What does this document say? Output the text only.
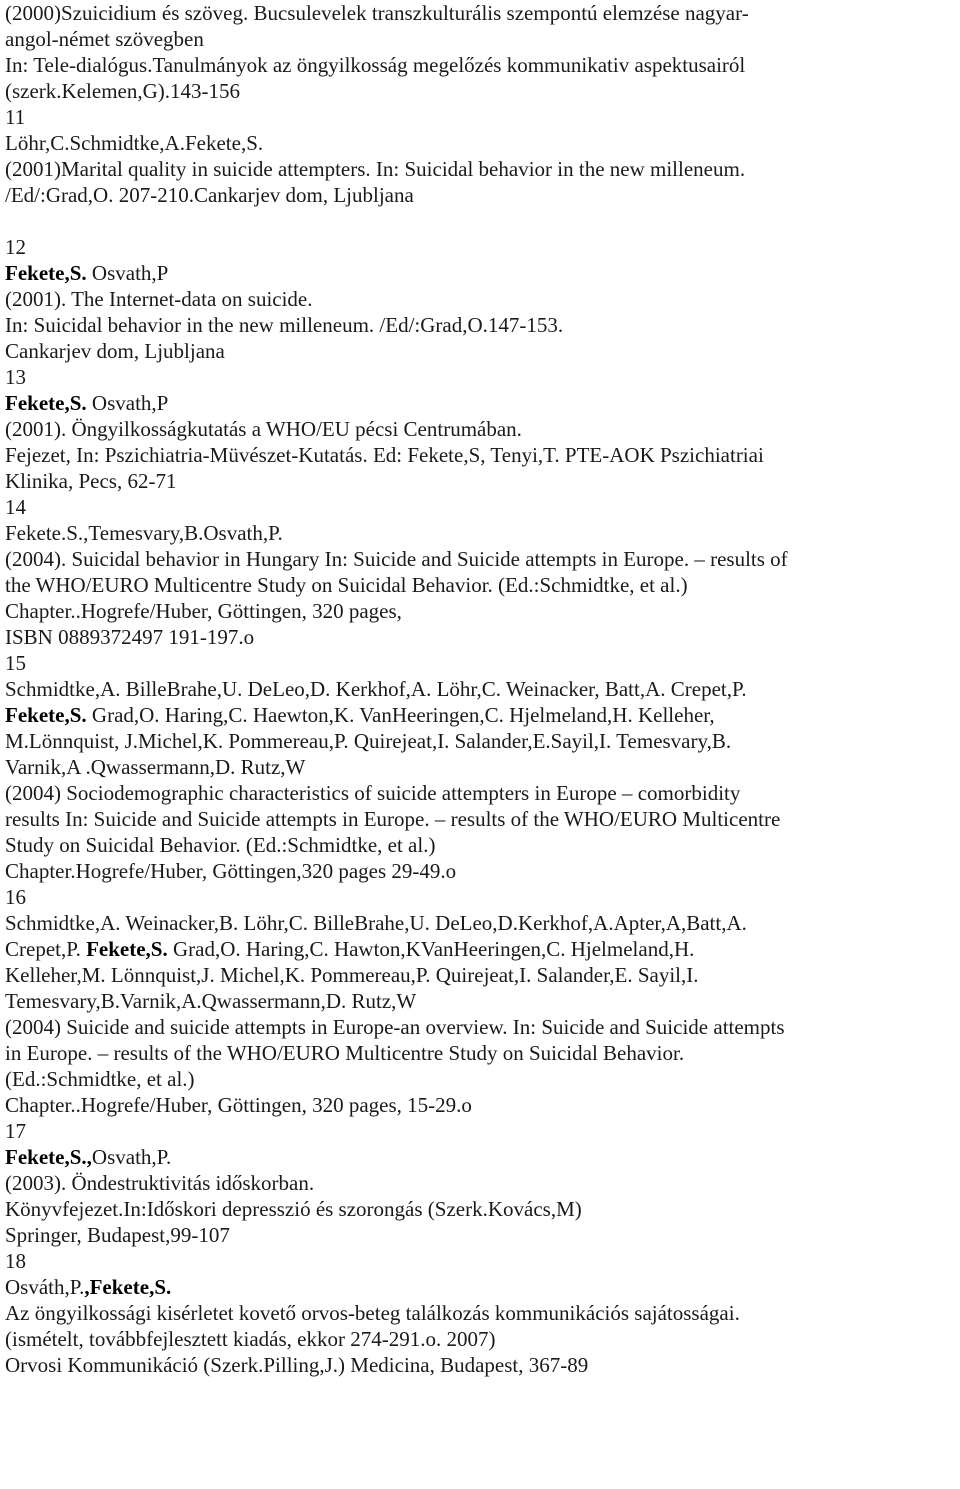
(2000)Szuicidium és szöveg. Bucsulevelek transzkulturális szempontú elemzése nagyar-
angol-német szövegben
In: Tele-dialógus.Tanulmányok az öngyilkosság megelőzés kommunikativ aspektusairól
(szerk.Kelemen,G).143-156
11
Löhr,C.Schmidtke,A.Fekete,S.
(2001)Marital quality in suicide attempters. In: Suicidal behavior in the new milleneum.
/Ed/:Grad,O. 207-210.Cankarjev dom, Ljubljana
12
Fekete,S. Osvath,P
(2001). The Internet-data on suicide.
In: Suicidal behavior in the new milleneum. /Ed/:Grad,O.147-153.
Cankarjev dom, Ljubljana
13
Fekete,S. Osvath,P
(2001). Öngyilkosságkutatás a WHO/EU pécsi Centrumában.
Fejezet, In: Pszichiatria-Müvészet-Kutatás. Ed: Fekete,S, Tenyi,T. PTE-AOK Pszichiatriai
Klinika, Pecs, 62-71
14
Fekete.S.,Temesvary,B.Osvath,P.
(2004). Suicidal behavior in Hungary In: Suicide and Suicide attempts in Europe. – results of
the WHO/EURO Multicentre Study on Suicidal Behavior. (Ed.:Schmidtke, et al.)
Chapter..Hogrefe/Huber, Göttingen, 320 pages,
ISBN 0889372497 191-197.o
15
Schmidtke,A. BilleBrahe,U. DeLeo,D. Kerkhof,A. Löhr,C. Weinacker, Batt,A. Crepet,P.
Fekete,S. Grad,O. Haring,C. Haewton,K. VanHeeringen,C. Hjelmeland,H. Kelleher,
M.Lönnquist, J.Michel,K. Pommereau,P. Quirejeat,I. Salander,E.Sayil,I. Temesvary,B.
Varnik,A .Qwassermann,D. Rutz,W
(2004) Sociodemographic characteristics of suicide attempters in Europe – comorbidity
results In: Suicide and Suicide attempts in Europe. – results of the WHO/EURO Multicentre
Study on Suicidal Behavior. (Ed.:Schmidtke, et al.)
Chapter.Hogrefe/Huber, Göttingen,320 pages 29-49.o
16
Schmidtke,A. Weinacker,B. Löhr,C. BilleBrahe,U. DeLeo,D.Kerkhof,A.Apter,A,Batt,A.
Crepet,P. Fekete,S. Grad,O. Haring,C. Hawton,KVanHeeringen,C. Hjelmeland,H.
Kelleher,M. Lönnquist,J. Michel,K. Pommereau,P. Quirejeat,I. Salander,E. Sayil,I.
Temesvary,B.Varnik,A.Qwassermann,D. Rutz,W
(2004) Suicide and suicide attempts in Europe-an overview. In: Suicide and Suicide attempts
in Europe. – results of the WHO/EURO Multicentre Study on Suicidal Behavior.
(Ed.:Schmidtke, et al.)
Chapter..Hogrefe/Huber, Göttingen, 320 pages, 15-29.o
17
Fekete,S.,Osvath,P.
(2003). Öndestruktivitás időskorban.
Könyvfejezet.In:Időskori depresszió és szorongás (Szerk.Kovács,M)
Springer, Budapest,99-107
18
Osváth,P.,Fekete,S.
Az öngyilkossági kisérletet kovető orvos-beteg találkozás kommunikációs sajátosságai.
(ismételt, továbbfejlesztett kiadás, ekkor 274-291.o. 2007)
Orvosi Kommunikáció (Szerk.Pilling,J.) Medicina, Budapest, 367-89
